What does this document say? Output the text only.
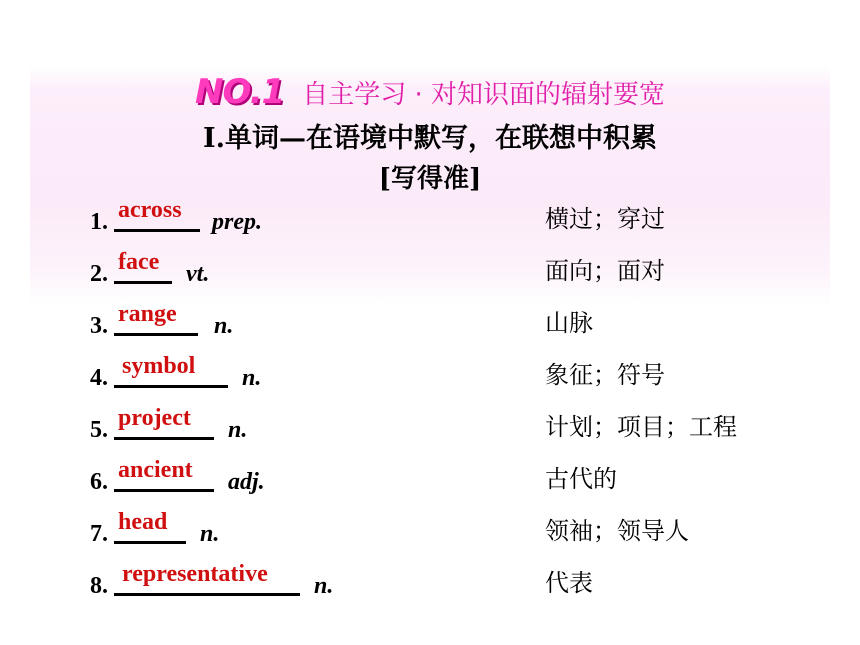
NO.1 自主学习 · 对知识面的辐射要宽
Ⅰ.单词—在语境中默写，在联想中积累
[写得准]
1. across prep.	横过；穿过
2. face vt.	面向；面对
3. range n.	山脉
4. symbol n.	象征；符号
5. project n.	计划；项目；工程
6. ancient adj.	古代的
7. head n.	领袖；领导人
8. representative n.	代表
